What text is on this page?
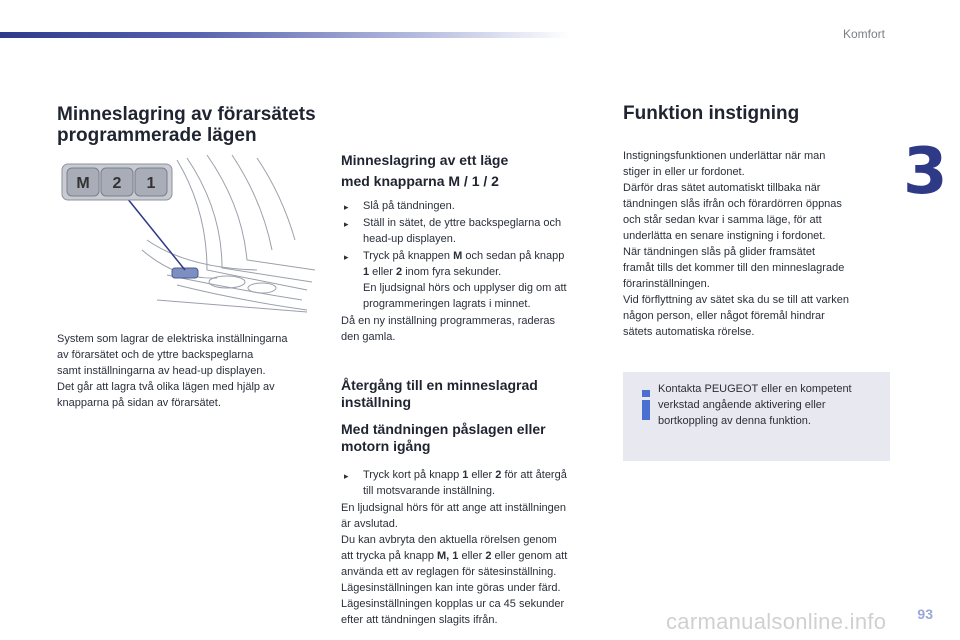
Komfort
3
Minneslagring av förarsätets
programmerade lägen
M 2 1

System som lagrar de elektriska inställningarna

av förarsätet och de yttre backspeglarna

samt inställningarna av head-up displayen.

Det går att lagra två olika lägen med hjälp av

knapparna på sidan av förarsätet.

Minneslagring av ett läge
med knapparna M / 1 / 2
▸ Slå på tändningen.
▸ Ställ in sätet, de yttre backspeglarna och
head-up displayen.
▸ Tryck på knappen M och sedan på knapp
1 eller 2 inom fyra sekunder.
En ljudsignal hörs och upplyser dig om att
programmeringen lagrats i minnet.

Då en ny inställning programmeras, raderas
den gamla.

Återgång till en minneslagrad
inställning
Med tändningen påslagen eller
motorn igång
▸ Tryck kort på knapp 1 eller 2 för att återgå
till motsvarande inställning.

En ljudsignal hörs för att ange att inställningen

är avslutad.

Du kan avbryta den aktuella rörelsen genom

att trycka på knapp M, 1 eller 2 eller genom att

använda ett av reglagen för sätesinställning.

Lägesinställningen kan inte göras under färd.

Lägesinställningen kopplas ur ca 45 sekunder

efter att tändningen slagits ifrån.

Funktion instigning

Instigningsfunktionen underlättar när man

stiger in eller ur fordonet.

Därför dras sätet automatiskt tillbaka när

tändningen slås ifrån och förardörren öppnas

och står sedan kvar i samma läge, för att

underlätta en senare instigning i fordonet.

När tändningen slås på glider framsätet

framåt tills det kommer till den minneslagrade

förarinställningen.

Vid förflyttning av sätet ska du se till att varken

någon person, eller något föremål hindrar

sätets automatiska rörelse.

Kontakta PEUGEOT eller en kompetent

verkstad angående aktivering eller

bortkoppling av denna funktion.

carmanualsonline.info 93
